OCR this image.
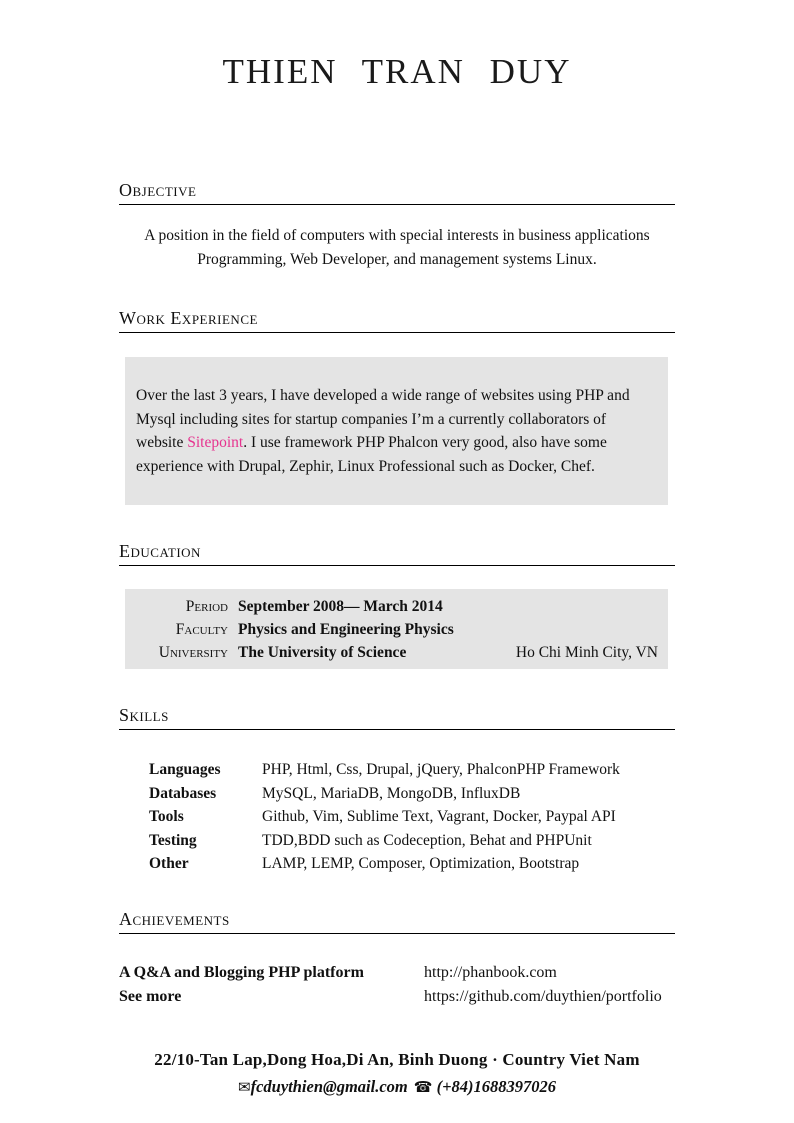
THIEN TRAN DUY
Objective

A position in the field of computers with special interests in business applications Programming, Web Developer, and management systems Linux.

Work Experience
Over the last 3 years, I have developed a wide range of websites using PHP and Mysql including sites for startup companies I’m a currently collaborators of website Sitepoint. I use framework PHP Phalcon very good, also have some experience with Drupal, Zephir, Linux Professional such as Docker, Chef.
Education
Period September 2008— March 2014
Faculty Physics and Engineering Physics
University The University of Science	Ho Chi Minh City, VN
Skills
Languages	PHP, Html, Css, Drupal, jQuery, PhalconPHP Framework
Databases	MySQL, MariaDB, MongoDB, InfluxDB
Tools	Github, Vim, Sublime Text, Vagrant, Docker, Paypal API
Testing	TDD,BDD such as Codeception, Behat and PHPUnit
Other	LAMP, LEMP, Composer, Optimization, Bootstrap
Achievements
A Q&A and Blogging PHP platform	http://phanbook.com
See more	https://github.com/duythien/portfolio
22/10-Tan Lap,Dong Hoa,Di An, Binh Duong · Country Viet Nam
✉fcduythien@gmail.com ☎ (+84)1688397026
